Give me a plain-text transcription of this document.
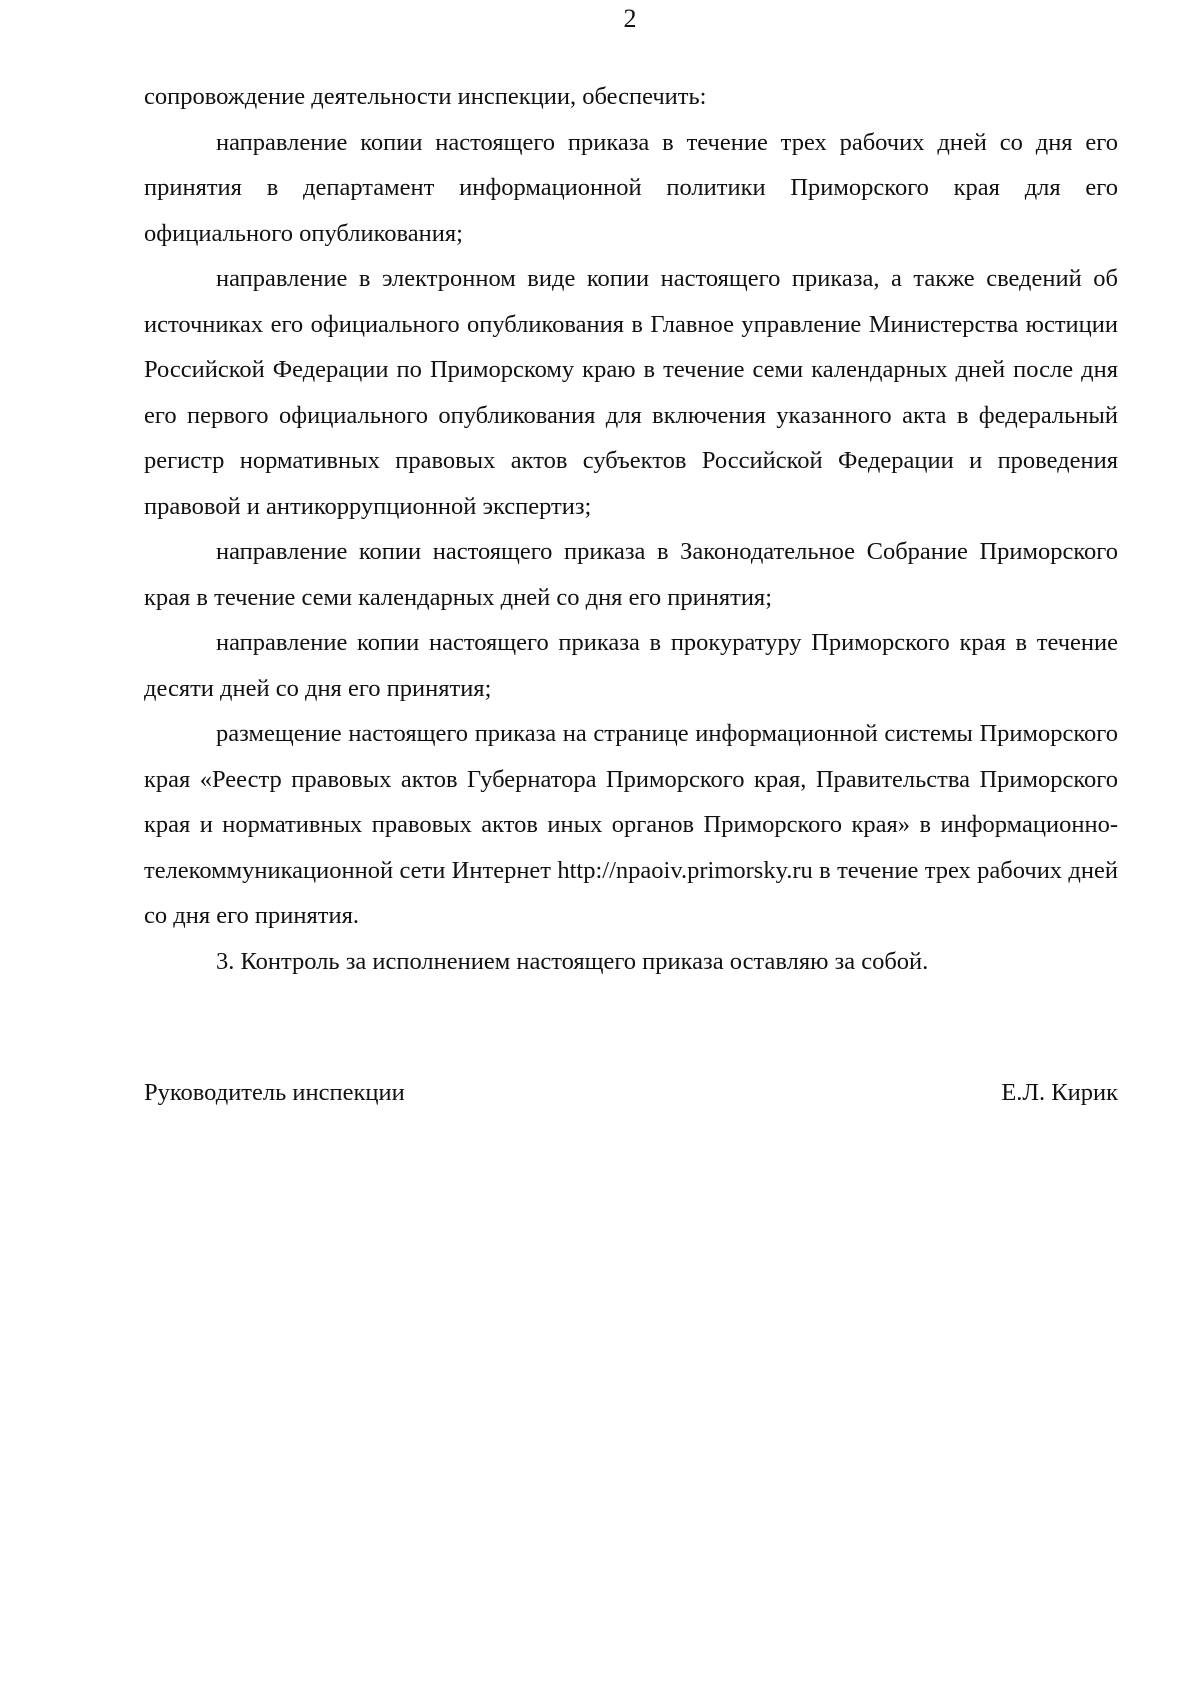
2

сопровождение деятельности инспекции, обеспечить:

направление копии настоящего приказа в течение трех рабочих дней со дня его принятия в департамент информационной политики Приморского края для его официального опубликования;

направление в электронном виде копии настоящего приказа, а также сведений об источниках его официального опубликования в Главное управление Министерства юстиции Российской Федерации по Приморскому краю в течение семи календарных дней после дня его первого официального опубликования для включения указанного акта в федеральный регистр нормативных правовых актов субъектов Российской Федерации и проведения правовой и антикоррупционной экспертиз;

направление копии настоящего приказа в Законодательное Собрание Приморского края в течение семи календарных дней со дня его принятия;

направление копии настоящего приказа в прокуратуру Приморского края в течение десяти дней со дня его принятия;

размещение настоящего приказа на странице информационной системы Приморского края «Реестр правовых актов Губернатора Приморского края, Правительства Приморского края и нормативных правовых актов иных органов Приморского края» в информационно-телекоммуникационной сети Интернет http://npaoiv.primorsky.ru в течение трех рабочих дней со дня его принятия.

3. Контроль за исполнением настоящего приказа оставляю за собой.

Руководитель инспекции	Е.Л. Кирик
